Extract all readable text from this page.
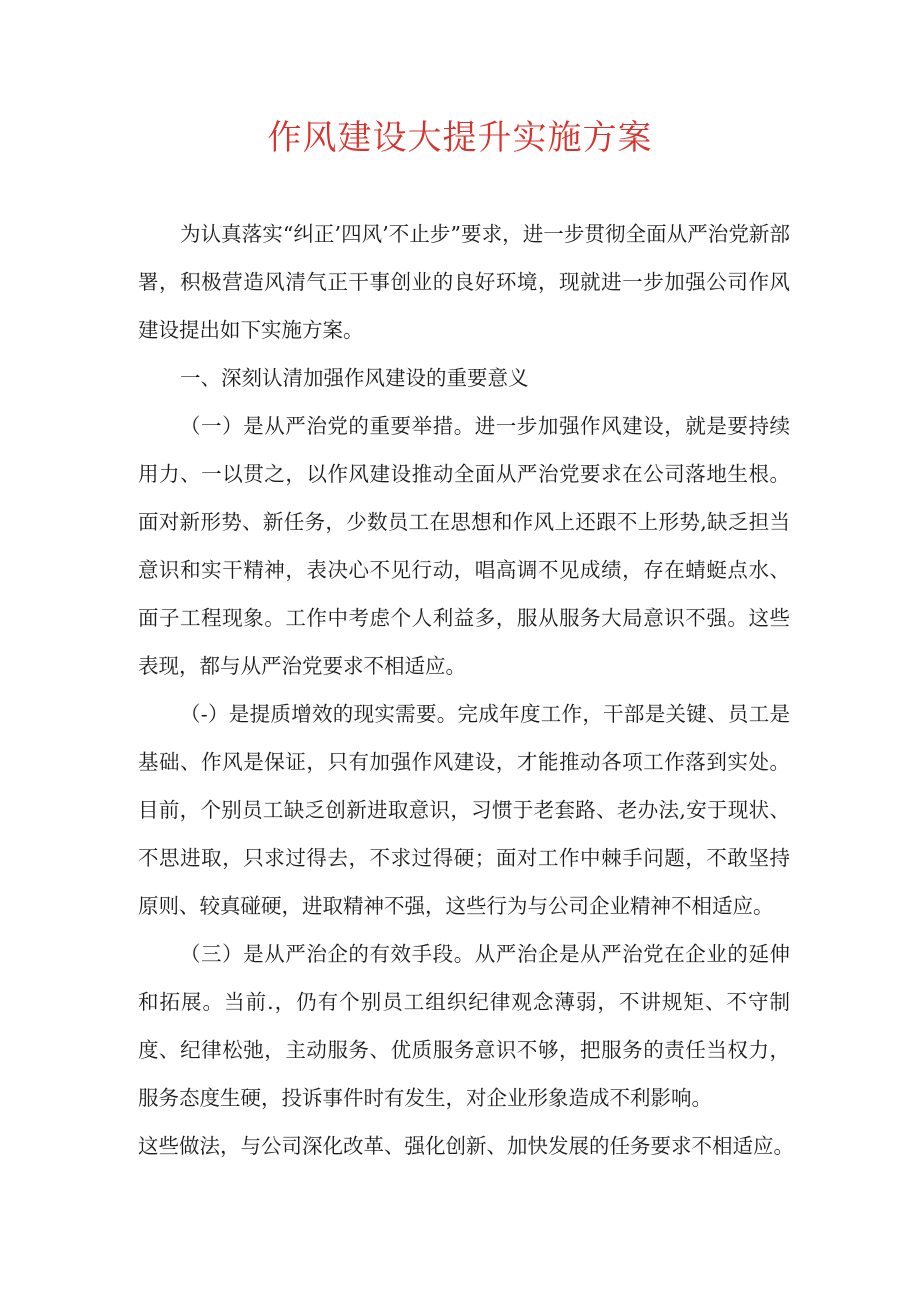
作风建设大提升实施方案

为认真落实“纠正’四风’不止步”要求，进一步贯彻全面从严治党新部署，积极营造风清气正干事创业的良好环境，现就进一步加强公司作风建设提出如下实施方案。

一、深刻认清加强作风建设的重要意义

（一）是从严治党的重要举措。进一步加强作风建设，就是要持续用力、一以贯之，以作风建设推动全面从严治党要求在公司落地生根。面对新形势、新任务，少数员工在思想和作风上还跟不上形势,缺乏担当意识和实干精神，表决心不见行动，唱高调不见成绩，存在蜻蜓点水、面子工程现象。工作中考虑个人利益多，服从服务大局意识不强。这些表现，都与从严治党要求不相适应。

（-）是提质增效的现实需要。完成年度工作，干部是关键、员工是基础、作风是保证，只有加强作风建设，才能推动各项工作落到实处。目前，个别员工缺乏创新进取意识，习惯于老套路、老办法,安于现状、不思进取，只求过得去，不求过得硬；面对工作中棘手问题，不敢坚持原则、较真碰硬，进取精神不强，这些行为与公司企业精神不相适应。

（三）是从严治企的有效手段。从严治企是从严治党在企业的延伸和拓展。当前.，仍有个别员工组织纪律观念薄弱，不讲规矩、不守制度、纪律松弛，主动服务、优质服务意识不够，把服务的责任当权力，服务态度生硬，投诉事件时有发生，对企业形象造成不利影响。

这些做法，与公司深化改革、强化创新、加快发展的任务要求不相适应。
